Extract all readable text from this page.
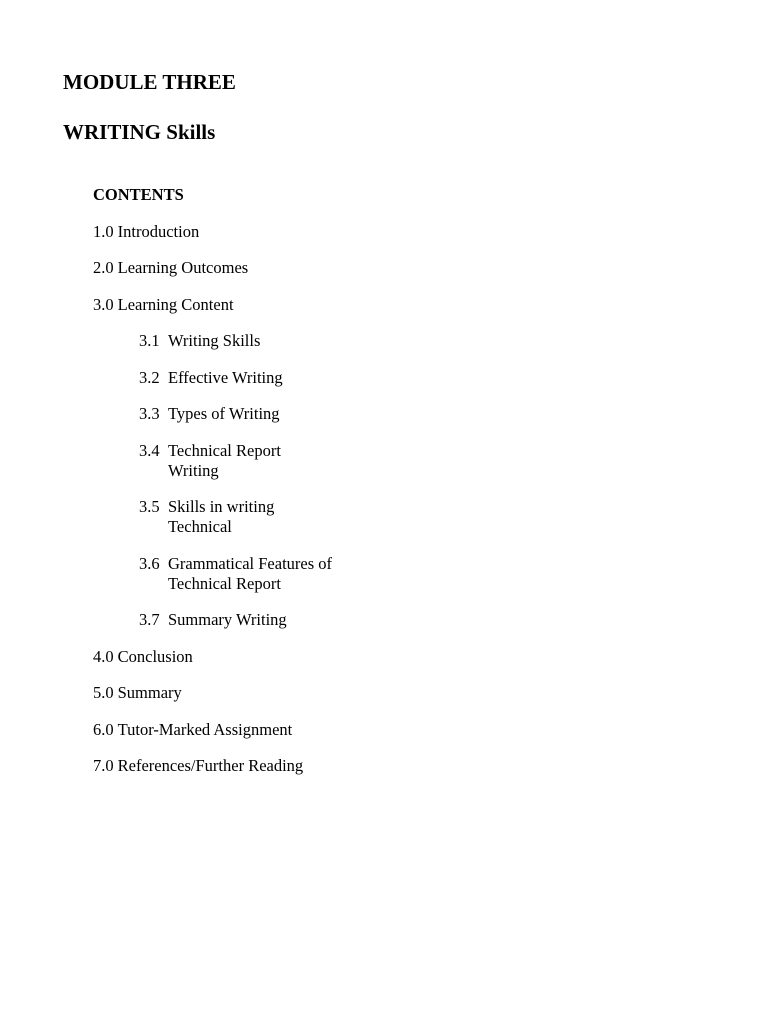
MODULE THREE
WRITING Skills
CONTENTS
1.0 Introduction
2.0 Learning Outcomes
3.0 Learning Content
3.1 Writing Skills
3.2 Effective Writing
3.3 Types of Writing
3.4 Technical Report Writing
3.5 Skills in writing Technical
3.6 Grammatical Features of Technical Report
3.7 Summary Writing
4.0 Conclusion
5.0 Summary
6.0 Tutor-Marked Assignment
7.0 References/Further Reading
